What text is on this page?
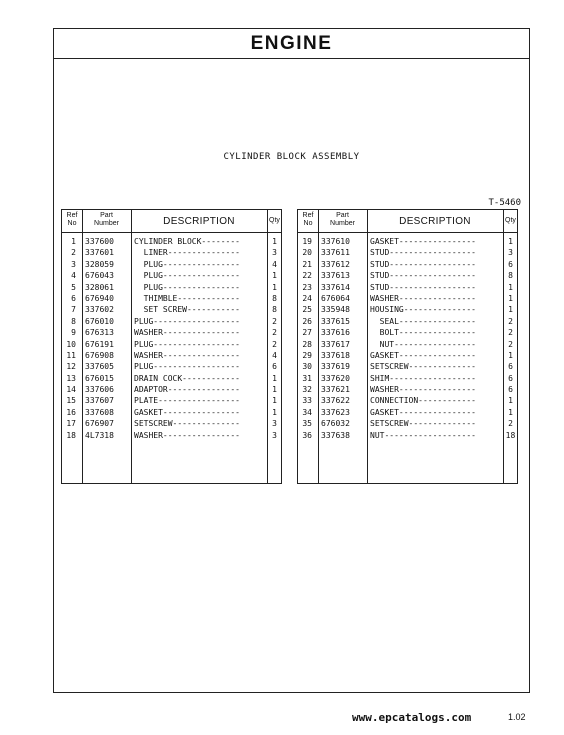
ENGINE
CYLINDER BLOCK ASSEMBLY
T-5460
Ref
No
Part
Number	DESCRIPTION	Qty
1 337600	CYLINDER BLOCK--------	1
2 337601	LINER---------------	3
3 328059	PLUG----------------	4
4 676043	PLUG----------------	1
5 328061	PLUG----------------	1
6 676940	THIMBLE-------------	8
7 337602	SET SCREW-----------	8
8 676010	PLUG------------------	2
9 676313	WASHER----------------	2
10 676191	PLUG------------------	2
11 676908	WASHER----------------	4
12 337605	PLUG------------------	6
13 676015	DRAIN COCK------------	1
14 337606	ADAPTOR---------------	1
15 337607	PLATE-----------------	1
16 337608	GASKET----------------	1
17 676907	SETSCREW--------------	3
18 4L7318	WASHER----------------	3
Ref
No
Part
Number	DESCRIPTION	Qty
19 337610	GASKET----------------	1
20 337611	STUD------------------	3
21 337612	STUD------------------	6
22 337613	STUD------------------	8
23 337614	STUD------------------	1
24 676064	WASHER----------------	1
25 335948	HOUSING---------------	1
26 337615	SEAL----------------	2
27 337616	BOLT----------------	2
28 337617	NUT-----------------	2
29 337618	GASKET----------------	1
30 337619	SETSCREW--------------	6
31 337620	SHIM------------------	6
32 337621	WASHER----------------	6
33 337622	CONNECTION------------	1
34 337623	GASKET----------------	1
35 676032	SETSCREW--------------	2
36 337638	NUT-------------------	18
www.epcatalogs.com	1.02
